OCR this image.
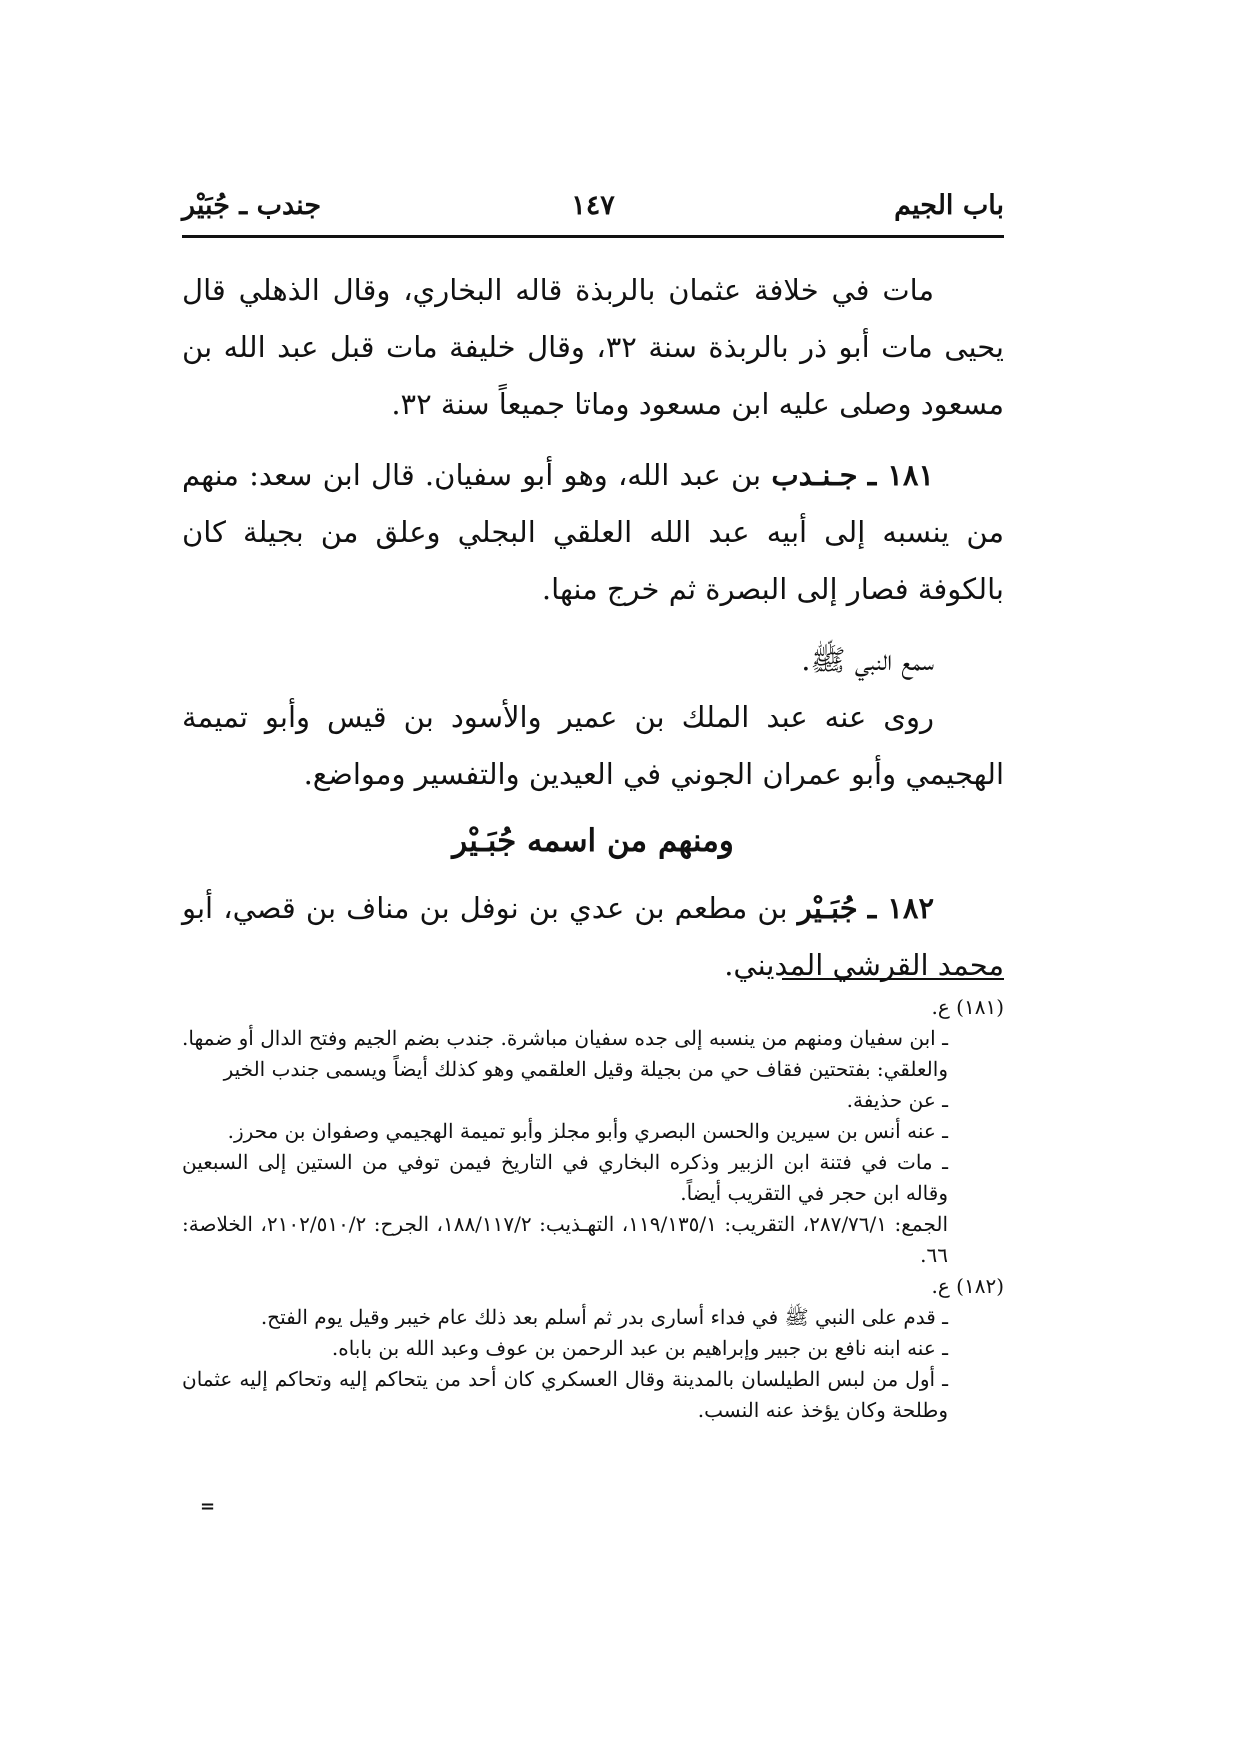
باب الجيم
١٤٧
جندب ـ جُبَيْر

مات في خلافة عثمان بالربذة قاله البخاري، وقال الذهلي قال يحيى مات أبو ذر بالربذة سنة ٣٢، وقال خليفة مات قبل عبد الله بن مسعود وصلى عليه ابن مسعود وماتا جميعاً سنة ٣٢.

١٨١ ـ جـنـدب بن عبد الله، وهو أبو سفيان. قال ابن سعد: منهم من ينسبه إلى أبيه عبد الله العلقي البجلي وعلق من بجيلة كان بالكوفة فصار إلى البصرة ثم خرج منها.

سمع النبي ﷺ.

روى عنه عبد الملك بن عمير والأسود بن قيس وأبو تميمة الهجيمي وأبو عمران الجوني في العيدين والتفسير ومواضع.

ومنهم من اسمه جُبَـيْر

١٨٢ ـ جُبَـيْر بن مطعم بن عدي بن نوفل بن مناف بن قصي، أبو محمد القرشي المديني.

(١٨١) ع.

ـ ابن سفيان ومنهم من ينسبه إلى جده سفيان مباشرة. جندب بضم الجيم وفتح الدال أو ضمها. والعلقي: بفتحتين فقاف حي من بجيلة وقيل العلقمي وهو كذلك أيضاً ويسمى جندب الخير

ـ عن حذيفة.

ـ عنه أنس بن سيرين والحسن البصري وأبو مجلز وأبو تميمة الهجيمي وصفوان بن محرز.

ـ مات في فتنة ابن الزبير وذكره البخاري في التاريخ فيمن توفي من الستين إلى السبعين وقاله ابن حجر في التقريب أيضاً.

الجمع: ٢٨٧/٧٦/١، التقريب: ١١٩/١٣٥/١، التهـذيب: ١٨٨/١١٧/٢، الجرح: ٢١٠٢/٥١٠/٢، الخلاصة: ٦٦.

(١٨٢) ع.

ـ قدم على النبي ﷺ في فداء أسارى بدر ثم أسلم بعد ذلك عام خيبر وقيل يوم الفتح.

ـ عنه ابنه نافع بن جبير وإبراهيم بن عبد الرحمن بن عوف وعبد الله بن باباه.

ـ أول من لبس الطيلسان بالمدينة وقال العسكري كان أحد من يتحاكم إليه وتحاكم إليه عثمان وطلحة وكان يؤخذ عنه النسب.

=
